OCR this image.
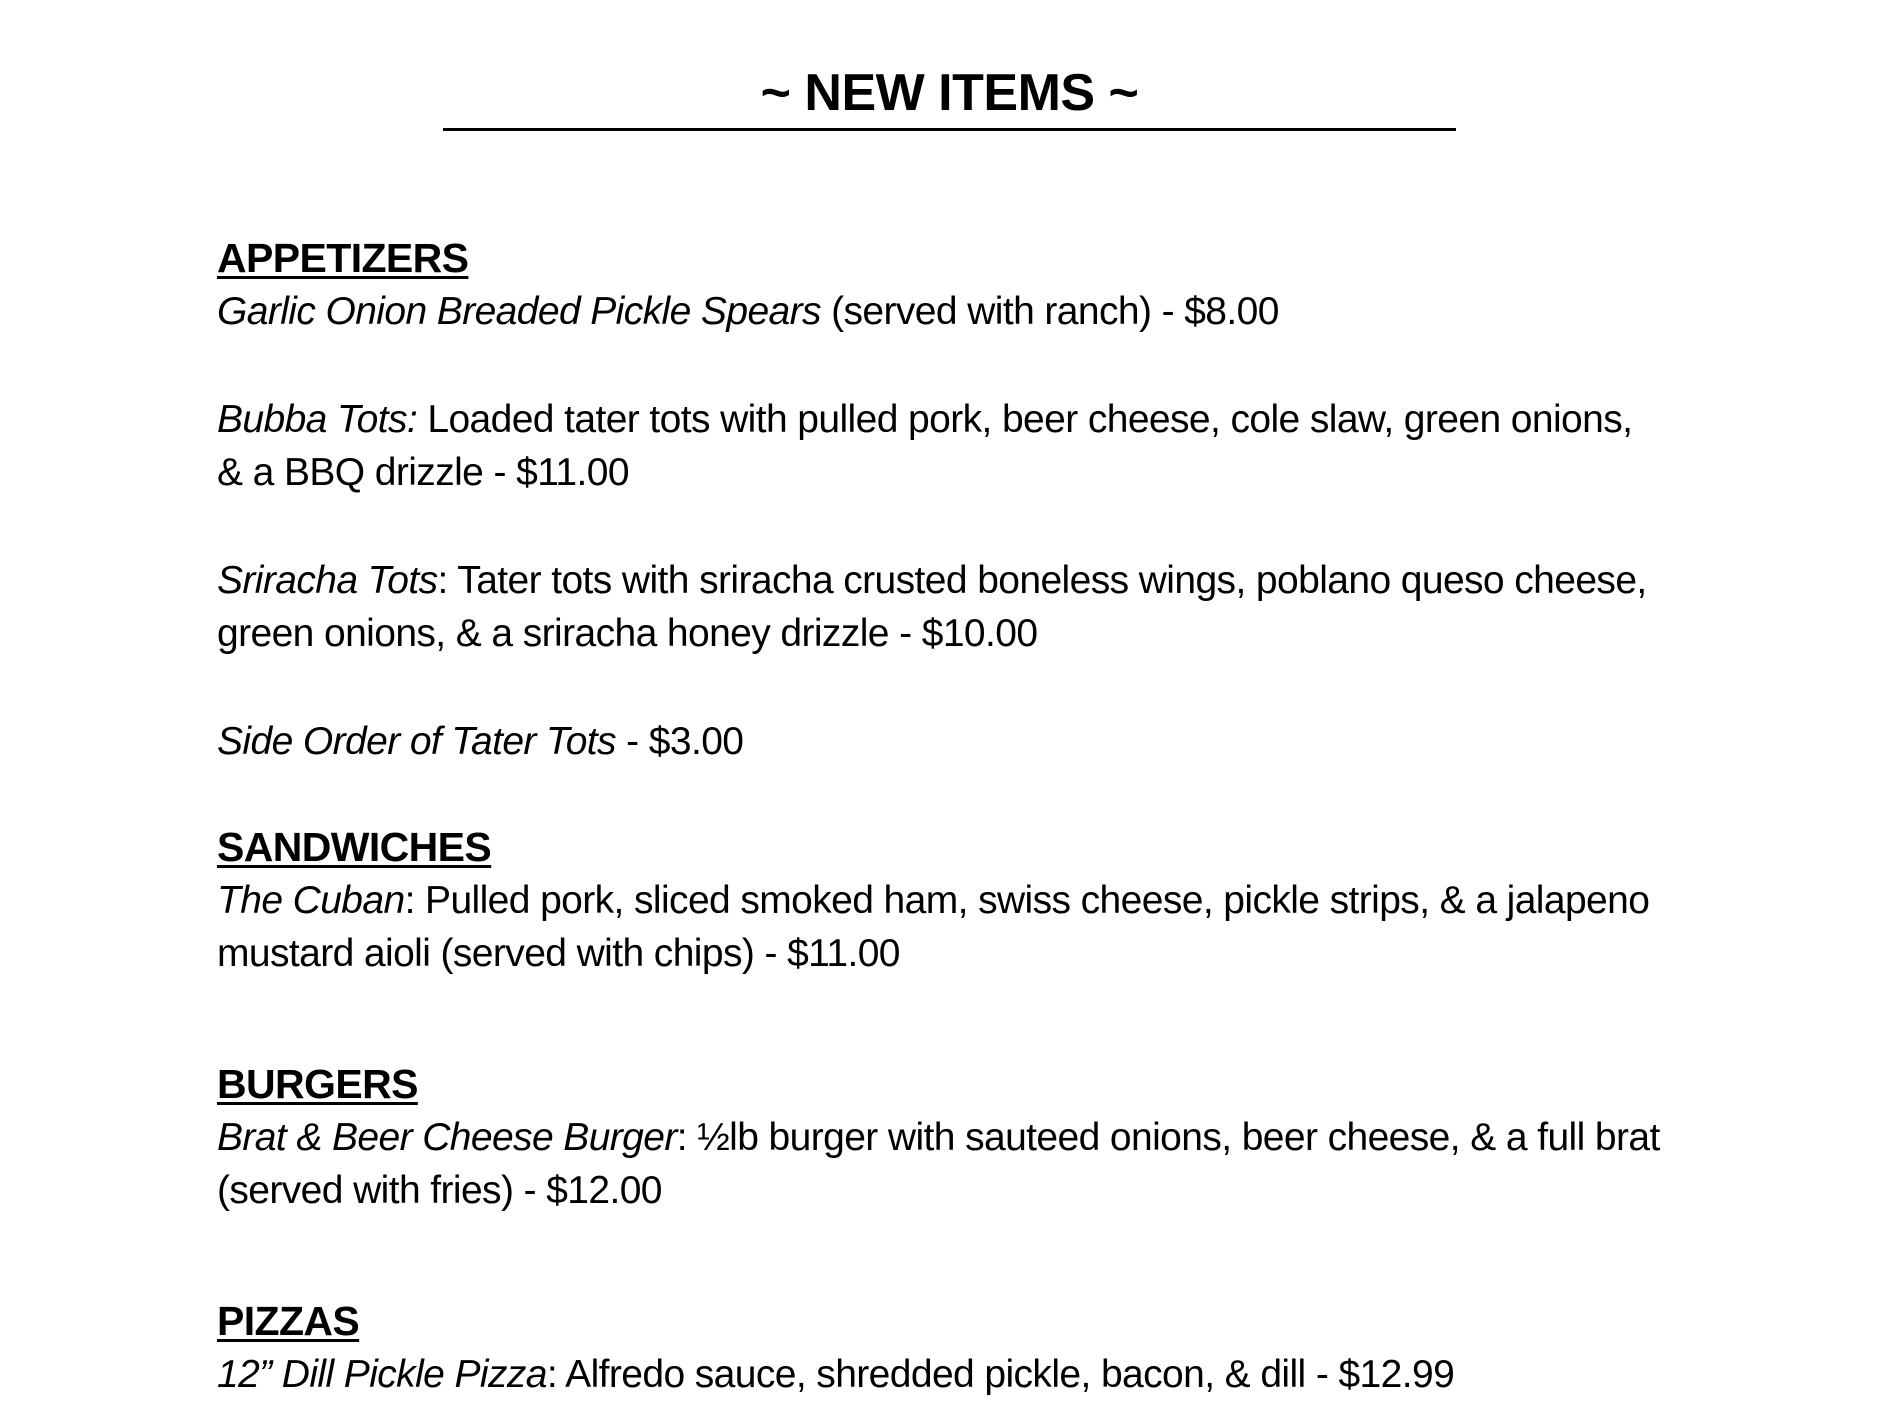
~ NEW ITEMS ~
APPETIZERS
Garlic Onion Breaded Pickle Spears (served with ranch) - $8.00
Bubba Tots: Loaded tater tots with pulled pork, beer cheese, cole slaw, green onions, & a BBQ drizzle - $11.00
Sriracha Tots: Tater tots with sriracha crusted boneless wings, poblano queso cheese, green onions, & a sriracha honey drizzle - $10.00
Side Order of Tater Tots - $3.00
SANDWICHES
The Cuban: Pulled pork, sliced smoked ham, swiss cheese, pickle strips, & a jalapeno mustard aioli (served with chips) - $11.00
BURGERS
Brat & Beer Cheese Burger: ½lb burger with sauteed onions, beer cheese, & a full brat (served with fries) - $12.00
PIZZAS
12” Dill Pickle Pizza: Alfredo sauce, shredded pickle, bacon, & dill - $12.99
